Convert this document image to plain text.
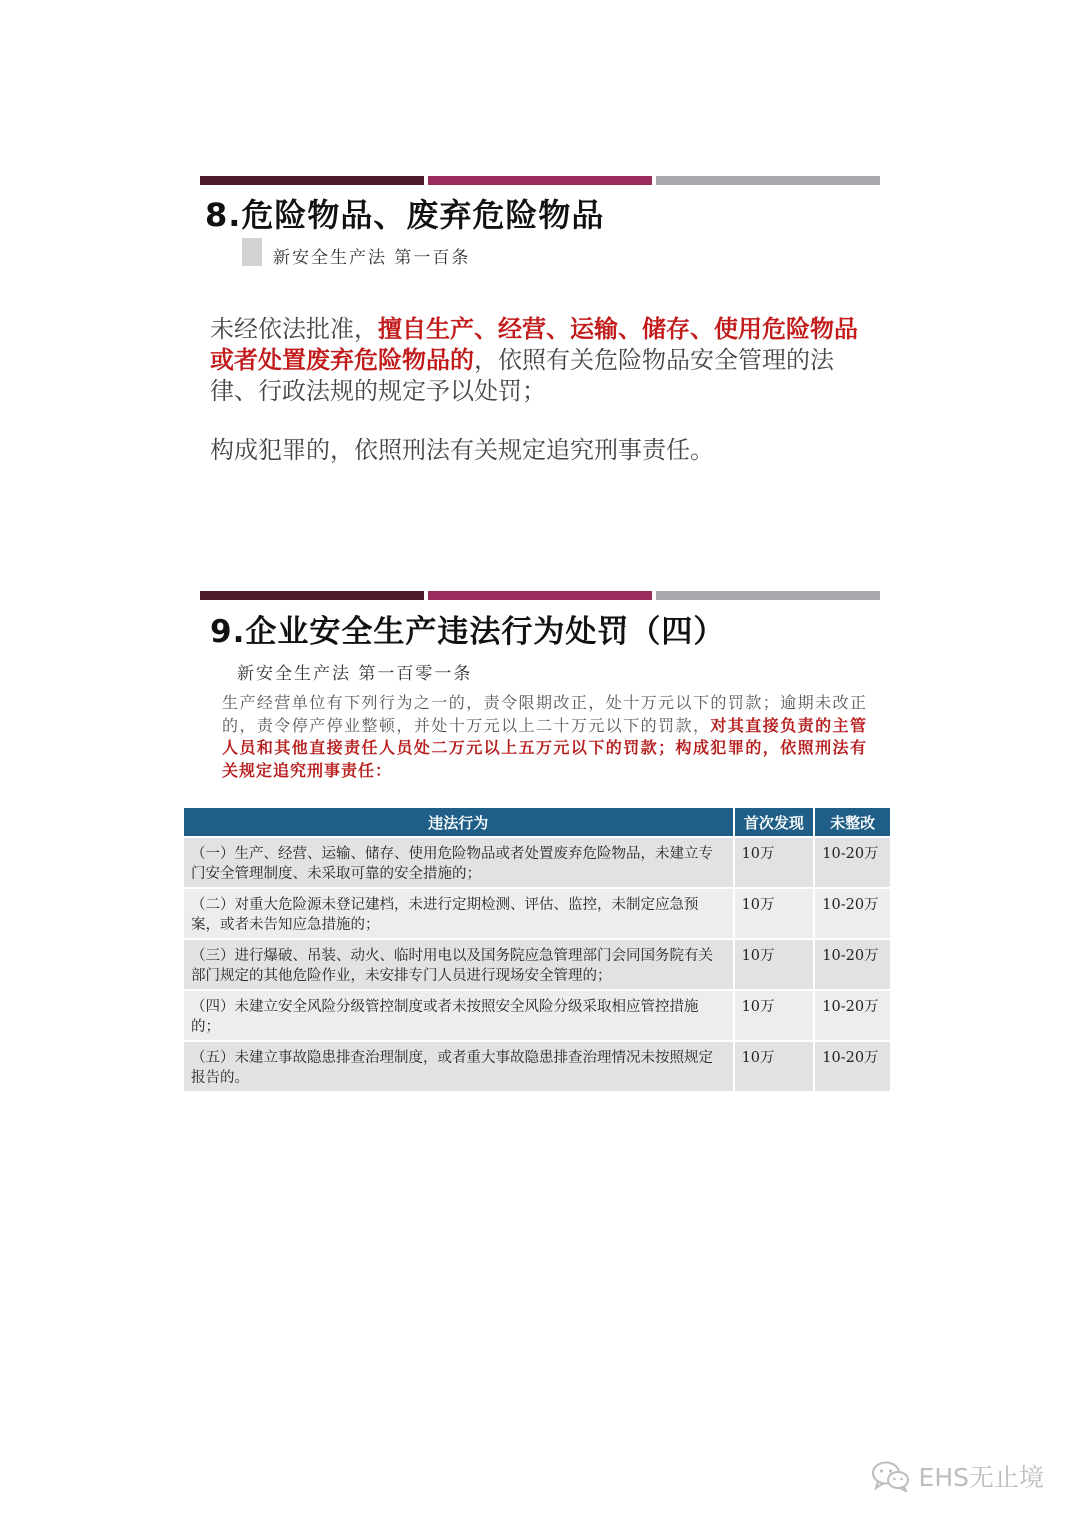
8.危险物品、废弃危险物品
新安全生产法 第一百条
未经依法批准，擅自生产、经营、运输、储存、使用危险物品或者处置废弃危险物品的，依照有关危险物品安全管理的法律、行政法规的规定予以处罚；
构成犯罪的，依照刑法有关规定追究刑事责任。
9.企业安全生产违法行为处罚（四）
新安全生产法 第一百零一条
生产经营单位有下列行为之一的，责令限期改正，处十万元以下的罚款；逾期未改正的，责令停产停业整顿，并处十万元以上二十万元以下的罚款，对其直接负责的主管人员和其他直接责任人员处二万元以上五万元以下的罚款；构成犯罪的，依照刑法有关规定追究刑事责任：
违法行为	首次发现	未整改
（一）生产、经营、运输、储存、使用危险物品或者处置废弃危险物品，未建立专门安全管理制度、未采取可靠的安全措施的；	10万	10-20万
（二）对重大危险源未登记建档，未进行定期检测、评估、监控，未制定应急预案，或者未告知应急措施的；	10万	10-20万
（三）进行爆破、吊装、动火、临时用电以及国务院应急管理部门会同国务院有关部门规定的其他危险作业，未安排专门人员进行现场安全管理的；	10万	10-20万
（四）未建立安全风险分级管控制度或者未按照安全风险分级采取相应管控措施的；	10万	10-20万
（五）未建立事故隐患排查治理制度，或者重大事故隐患排查治理情况未按照规定报告的。	10万	10-20万
EHS无止境
